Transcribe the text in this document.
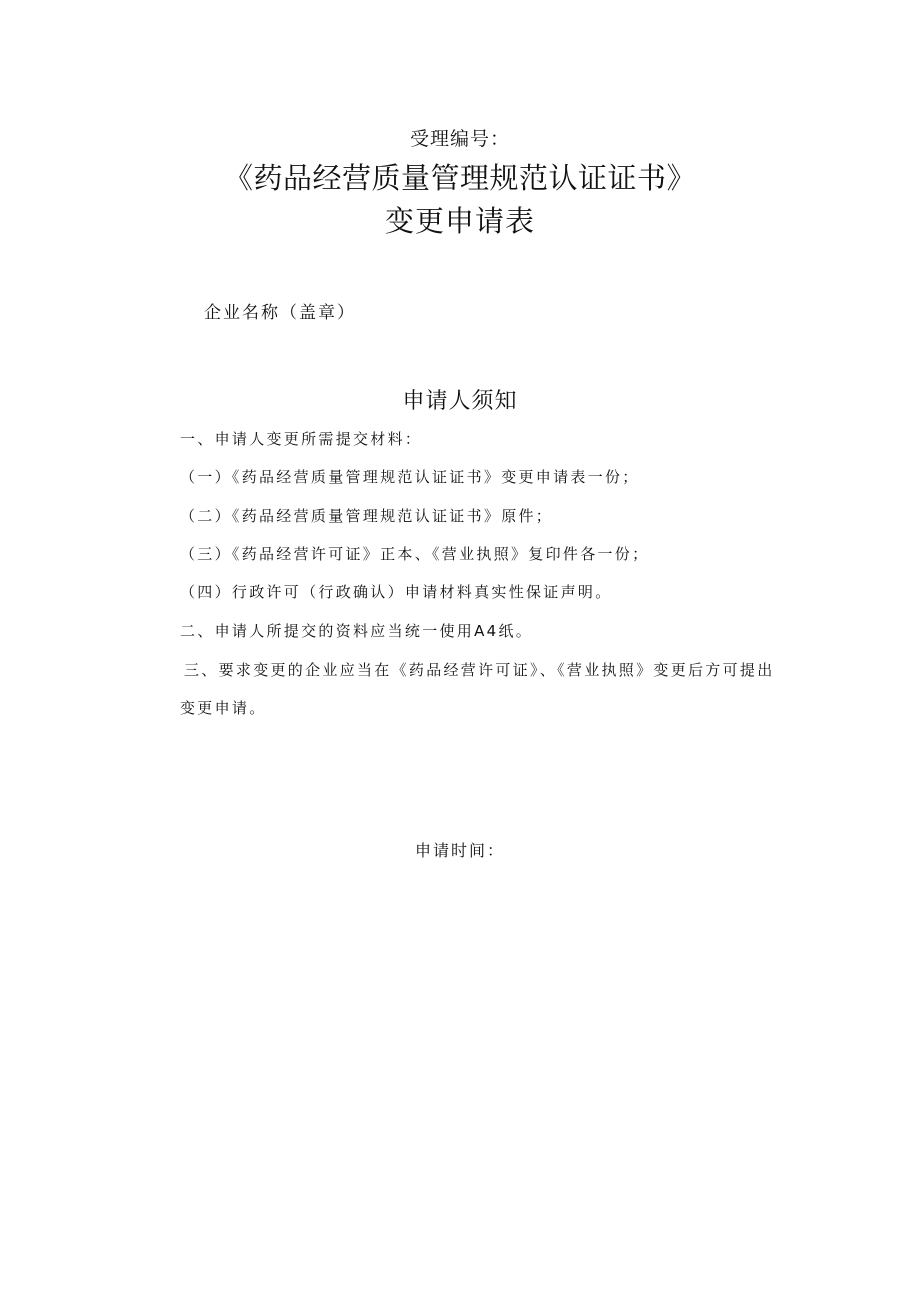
受理编号：
《药品经营质量管理规范认证证书》
变更申请表
企业名称（盖章）
申请人须知
一、申请人变更所需提交材料：
（一）《药品经营质量管理规范认证证书》变更申请表一份；
（二）《药品经营质量管理规范认证证书》原件；
（三）《药品经营许可证》正本、《营业执照》复印件各一份；
（四）行政许可（行政确认）申请材料真实性保证声明。
二、申请人所提交的资料应当统一使用A4纸。
三、要求变更的企业应当在《药品经营许可证》、《营业执照》变更后方可提出
变更申请。
申请时间：
